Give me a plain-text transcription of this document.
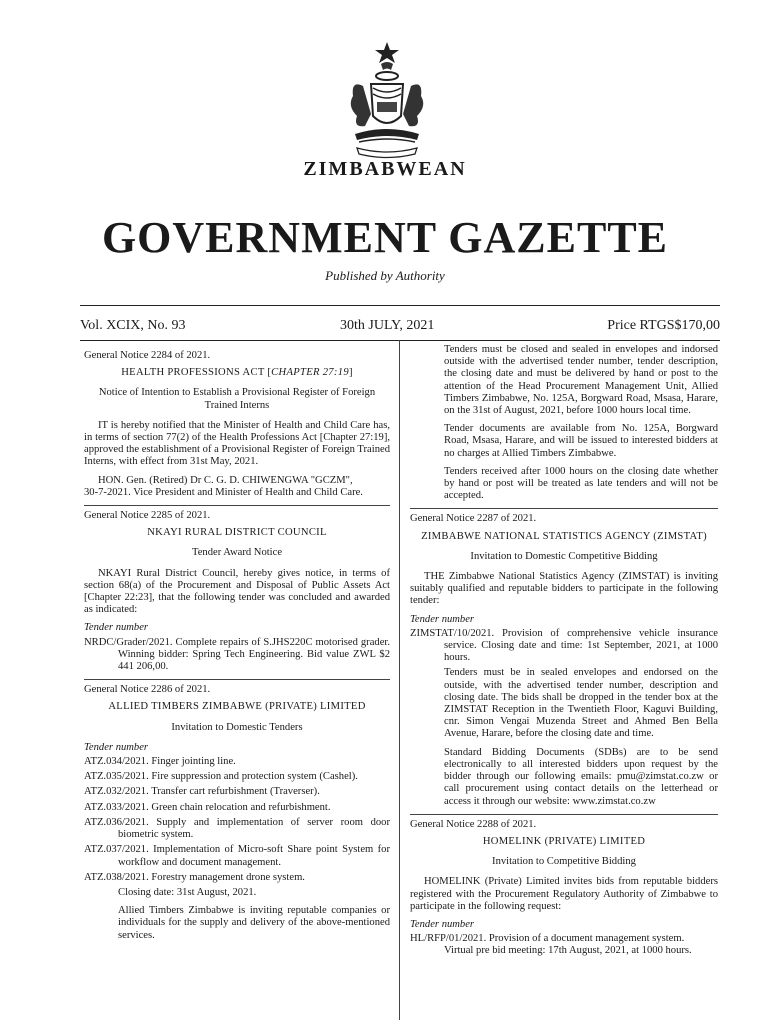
ZIMBABWEAN
GOVERNMENT GAZETTE
Published by Authority
Vol. XCIX, No. 93	30th JULY, 2021	Price RTGS$170,00
General Notice 2284 of 2021.
HEALTH PROFESSIONS ACT [CHAPTER 27:19]
Notice of Intention to Establish a Provisional Register of Foreign Trained Interns

IT is hereby notified that the Minister of Health and Child Care has, in terms of section 77(2) of the Health Professions Act [Chapter 27:19], approved the establishment of a Provisional Register of Foreign Trained Interns, with effect from 31st May, 2021.

HON. Gen. (Retired) Dr C. G. D. CHIWENGWA "GCZM",

30-7-2021. Vice President and Minister of Health and Child Care.

General Notice 2285 of 2021.
NKAYI RURAL DISTRICT COUNCIL
Tender Award Notice

NKAYI Rural District Council, hereby gives notice, in terms of section 68(a) of the Procurement and Disposal of Public Assets Act [Chapter 22:23], that the following tender was concluded and awarded as indicated:

Tender number

NRDC/Grader/2021. Complete repairs of S.JHS220C motorised grader. Winning bidder: Spring Tech Engineering. Bid value ZWL $2 441 206,00.

General Notice 2286 of 2021.
ALLIED TIMBERS ZIMBABWE (PRIVATE) LIMITED
Invitation to Domestic Tenders
Tender number

ATZ.034/2021. Finger jointing line.

ATZ.035/2021. Fire suppression and protection system (Cashel).

ATZ.032/2021. Transfer cart refurbishment (Traverser).

ATZ.033/2021. Green chain relocation and refurbishment.

ATZ.036/2021. Supply and implementation of server room door biometric system.

ATZ.037/2021. Implementation of Micro-soft Share point System for workflow and document management.

ATZ.038/2021. Forestry management drone system.

Closing date: 31st August, 2021.

Allied Timbers Zimbabwe is inviting reputable companies or individuals for the supply and delivery of the above-mentioned services.

Tenders must be closed and sealed in envelopes and indorsed outside with the advertised tender number, tender description, the closing date and must be delivered by hand or post to the attention of the Head Procurement Management Unit, Allied Timbers Zimbabwe, No. 125A, Borgward Road, Msasa, Harare, on the 31st of August, 2021, before 1000 hours local time.

Tender documents are available from No. 125A, Borgward Road, Msasa, Harare, and will be issued to interested bidders at no charges at Allied Timbers Zimbabwe.

Tenders received after 1000 hours on the closing date whether by hand or post will be treated as late tenders and will not be accepted.

General Notice 2287 of 2021.
ZIMBABWE NATIONAL STATISTICS AGENCY (ZIMSTAT)
Invitation to Domestic Competitive Bidding

THE Zimbabwe National Statistics Agency (ZIMSTAT) is inviting suitably qualified and reputable bidders to participate in the following tender:

Tender number

ZIMSTAT/10/2021. Provision of comprehensive vehicle insurance service. Closing date and time: 1st September, 2021, at 1000 hours.

Tenders must be in sealed envelopes and endorsed on the outside, with the advertised tender number, description and closing date. The bids shall be dropped in the tender box at the ZIMSTAT Reception in the Twentieth Floor, Kaguvi Building, cnr. Simon Vengai Muzenda Street and Ahmed Ben Bella Avenue, Harare, before the closing date and time.

Standard Bidding Documents (SDBs) are to be send electronically to all interested bidders upon request by the bidder through our following emails: pmu@zimstat.co.zw or call procurement using contact details on the letterhead or access it through our website: www.zimstat.co.zw

General Notice 2288 of 2021.
HOMELINK (PRIVATE) LIMITED
Invitation to Competitive Bidding

HOMELINK (Private) Limited invites bids from reputable bidders registered with the Procurement Regulatory Authority of Zimbabwe to participate in the following request:

Tender number

HL/RFP/01/2021. Provision of a document management system.

Virtual pre bid meeting: 17th August, 2021, at 1000 hours.
